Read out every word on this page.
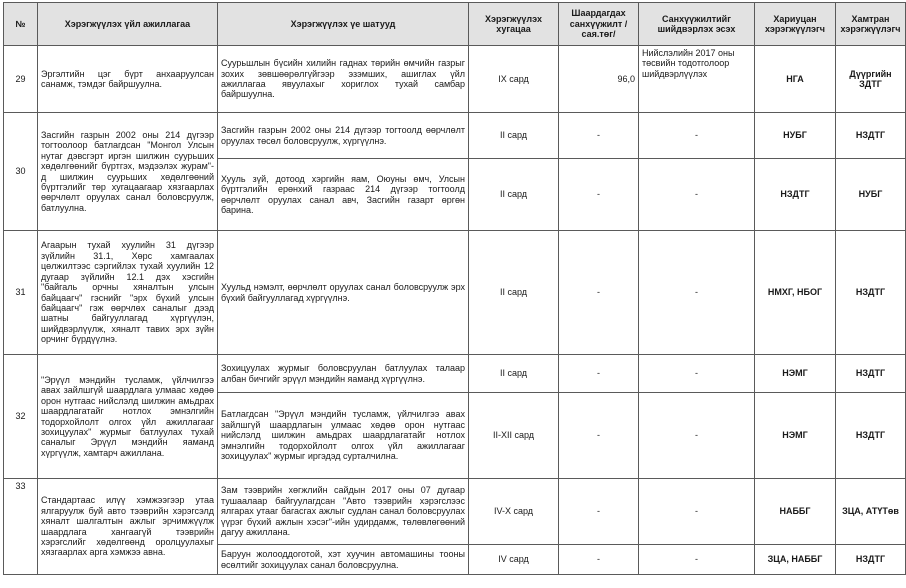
№	Хэрэгжүүлэх үйл ажиллагаа	Хэрэгжүүлэх үе шатууд	Хэрэгжүүлэх хугацаа	Шаардагдах санхүүжилт /сая.төг/	Санхүүжилтийг шийдвэрлэх эсэх	Хариуцан хэрэгжүүлэгч	Хамтран хэрэгжүүлэгч
29	Эргэлтийн цэг бүрт анхааруулсан санамж, тэмдэг байршуулна.	Суурьшлын бүсийн хилийн гаднах төрийн өмчийн газрыг зохих зөвшөөрөлгүйгээр эзэмших, ашиглах үйл ажиллагаа явуулахыг хориглох тухай самбар байршуулна.	IX сард	96,0	Нийслэлийн 2017 оны төсвийн тодотголоор шийдвэрлүүлэх	НГА	Дүүргийн ЗДТГ
30	Засгийн газрын 2002 оны 214 дүгээр тогтоолоор батлагдсан "Монгол Улсын нутаг дэвсгэрт иргэн шилжин суурьших хөдөлгөөнийг бүртгэх, мэдээлэх журам"-д шилжин суурьших хөдөлгөөний бүртгэлийг төр хугацаагаар хязгаарлах өөрчлөлт оруулах санал боловсруулж, батлуулна.	Засгийн газрын 2002 оны 214 дүгээр тогтоолд өөрчлөлт оруулах төсөл боловсруулж, хүргүүлнэ.	II сард	-	-	НУБГ	НЗДТГ
		Хууль зүй, дотоод хэргийн яам, Оюуны өмч, Улсын бүртгэлийн ерөнхий газраас 214 дүгээр тогтоолд өөрчлөлт оруулах санал авч, Засгийн газарт өргөн барина.	II сард	-	-	НЗДТГ	НУБГ
31	Агаарын тухай хуулийн 31 дүгээр зүйлийн 31.1, Хөрс хамгаалах цөлжилтээс сэргийлэх тухай хуулийн 12 дугаар зүйлийн 12.1 дэх хэсгийн "байгаль орчны хяналтын улсын байцаагч" гэснийг "эрх бүхий улсын байцаагч" гэж өөрчлөх саналыг дээд шатны байгууллагад хүргүүлэн, шийдвэрлүүлж, хяналт тавих эрх зүйн орчинг бүрдүүлнэ.	Хуульд нэмэлт, өөрчлөлт оруулах санал боловсруулж эрх бүхий байгууллагад хүргүүлнэ.	II сард	-	-	НМХГ, НБОГ	НЗДТГ
32	"Эрүүл мэндийн тусламж, үйлчилгээ авах зайлшгүй шаардлага улмаас хөдөө орон нутгаас нийслэлд шилжин амьдрах шаардлагатайг нотлох эмнэлгийн тодорхойлолт олгох үйл ажиллагааг зохицуулах" журмыг батлуулах тухай саналыг Эрүүл мэндийн яаманд хүргүүлж, хамтарч ажиллана.	Зохицуулах журмыг боловсруулан батлуулах талаар албан бичгийг эрүүл мэндийн яаманд хүргүүлнэ.	II сард	-	-	НЭМГ	НЗДТГ
		Батлагдсан "Эрүүл мэндийн тусламж, үйлчилгээ авах зайлшгүй шаардлагын улмаас хөдөө орон нутгаас нийслэлд шилжин амьдрах шаардлагатайг нотлох эмнэлгийн тодорхойлолт олгох үйл ажиллагааг зохицуулах" журмыг иргэдэд сурталчилна.	II-XII сард	-	-	НЭМГ	НЗДТГ
33	Стандартаас илүү хэмжээгээр утаа ялгаруулж буй авто тээврийн хэрэгсэлд хяналт шалгалтын ажлыг эрчимжүүлж шаардлага хангаагүй тээврийн хэрэгслийг хөдөлгөөнд оролцуулахыг хязгаарлах арга хэмжээ авна.	Зам тээврийн хөгжлийн сайдын 2017 оны 07 дугаар тушаалаар байгуулагдсан "Авто тээврийн хэрэгслээс ялгарах утааг багасгах ажлыг судлан санал боловсруулах үүрэг бүхий ажлын хэсэг"-ийн удирдамж, төлөвлөгөөний дагуу ажиллана.	IV-X сард	-	-	НАББГ	ЗЦА, АТҮТөв
		Баруун жолооддоготой, хэт хуучин автомашины тооны өсөлтийг зохицуулах санал боловсруулна.	IV сард	-	-	ЗЦА, НАББГ	НЗДТГ
